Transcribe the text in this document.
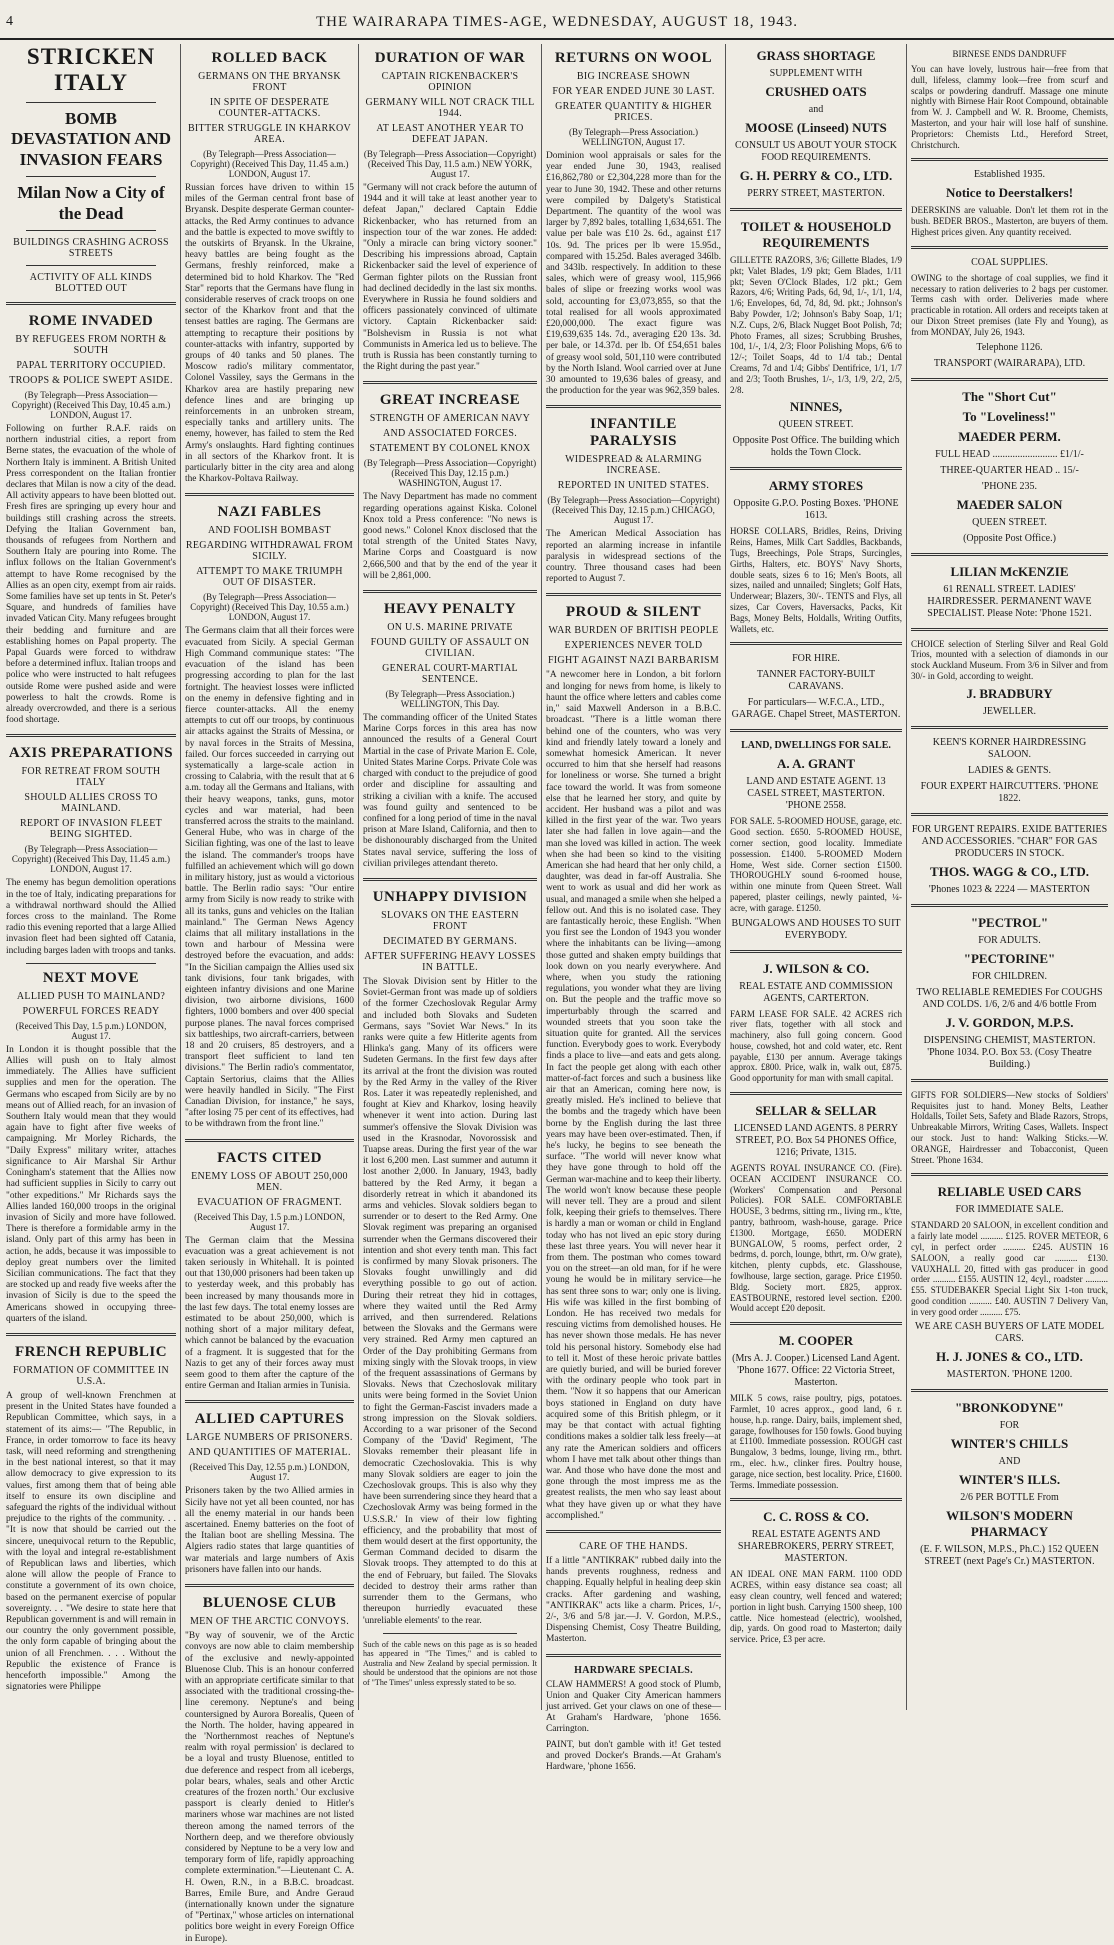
4	THE WAIRARAPA TIMES-AGE, WEDNESDAY, AUGUST 18, 1943.
STRICKEN ITALY
BOMB DEVASTATION AND INVASION FEARS
Milan Now a City of the Dead
BUILDINGS CRASHING ACROSS STREETS
ACTIVITY OF ALL KINDS BLOTTED OUT
ROME INVADED
BY REFUGEES FROM NORTH & SOUTH
PAPAL TERRITORY OCCUPIED.
TROOPS & POLICE SWEPT ASIDE.
(By Telegraph—Press Association—Copyright) (Received This Day, 10.45 a.m.) LONDON, August 17.
Following on further R.A.F. raids on northern industrial cities, a report from Berne states, the evacuation of the whole of Northern Italy is imminent. A British United Press correspondent on the Italian frontier declares that Milan is now a city of the dead. All activity appears to have been blotted out. Fresh fires are springing up every hour and buildings still crashing across the streets. Defying the Italian Government ban, thousands of refugees from Northern and Southern Italy are pouring into Rome. The influx follows on the Italian Government's attempt to have Rome recognised by the Allies as an open city, exempt from air raids. Some families have set up tents in St. Peter's Square, and hundreds of families have invaded Vatican City. Many refugees brought their bedding and furniture and are establishing homes on Papal property. The Papal Guards were forced to withdraw before a determined influx. Italian troops and police who were instructed to halt refugees outside Rome were pushed aside and were powerless to halt the crowds. Rome is already overcrowded, and there is a serious food shortage.
AXIS PREPARATIONS
FOR RETREAT FROM SOUTH ITALY
SHOULD ALLIES CROSS TO MAINLAND.
REPORT OF INVASION FLEET BEING SIGHTED.
(By Telegraph—Press Association—Copyright) (Received This Day, 11.45 a.m.) LONDON, August 17.
The enemy has begun demolition operations in the toe of Italy, indicating preparations for a withdrawal northward should the Allied forces cross to the mainland. The Rome radio this evening reported that a large Allied invasion fleet had been sighted off Catania, including barges laden with troops and tanks.
NEXT MOVE
ALLIED PUSH TO MAINLAND?
POWERFUL FORCES READY
(Received This Day, 1.5 p.m.) LONDON, August 17.
In London it is thought possible that the Allies will push on to Italy almost immediately. The Allies have sufficient supplies and men for the operation. The Germans who escaped from Sicily are by no means out of Allied reach, for an invasion of Southern Italy would mean that they would again have to fight after five weeks of campaigning. Mr Morley Richards, the "Daily Express" military writer, attaches significance to Air Marshal Sir Arthur Coningham's statement that the Allies now had sufficient supplies in Sicily to carry out "other expeditions." Mr Richards says the Allies landed 160,000 troops in the original invasion of Sicily and more have followed. There is therefore a formidable army in the island. Only part of this army has been in action, he adds, because it was impossible to deploy great numbers over the limited Sicilian communications. The fact that they are stocked up and ready five weeks after the invasion of Sicily is due to the speed the Americans showed in occupying three-quarters of the island.
FRENCH REPUBLIC
FORMATION OF COMMITTEE IN U.S.A.
A group of well-known Frenchmen at present in the United States have founded a Republican Committee, which says, in a statement of its aims:— "The Republic, in France, in order tomorrow to face its heavy task, will need reforming and strengthening in the best national interest, so that it may allow democracy to give expression to its values, first among them that of being able itself to ensure its own discipline and safeguard the rights of the individual without prejudice to the rights of the community. . . "It is now that should be carried out the sincere, unequivocal return to the Republic, with the loyal and integral re-establishment of Republican laws and liberties, which alone will allow the people of France to constitute a government of its own choice, based on the permanent exercise of popular sovereignty. . . "We desire to state here that Republican government is and will remain in our country the only government possible, the only form capable of bringing about the union of all Frenchmen. . . . Without the Republic the existence of France is henceforth impossible." Among the signatories were Philippe
ROLLED BACK
GERMANS ON THE BRYANSK FRONT
IN SPITE OF DESPERATE COUNTER-ATTACKS.
BITTER STRUGGLE IN KHARKOV AREA.
(By Telegraph—Press Association—Copyright) (Received This Day, 11.45 a.m.) LONDON, August 17.
Russian forces have driven to within 15 miles of the German central front base of Bryansk. Despite desperate German counter-attacks, the Red Army continues to advance and the battle is expected to move swiftly to the outskirts of Bryansk. In the Ukraine, heavy battles are being fought as the Germans, freshly reinforced, make a determined bid to hold Kharkov. The "Red Star" reports that the Germans have flung in considerable reserves of crack troops on one sector of the Kharkov front and that the tensest battles are raging. The Germans are attempting to recapture their positions by counter-attacks with infantry, supported by groups of 40 tanks and 50 planes. The Moscow radio's military commentator, Colonel Vassiley, says the Germans in the Kharkov area are hastily preparing new defence lines and are bringing up reinforcements in an unbroken stream, especially tanks and artillery units. The enemy, however, has failed to stem the Red Army's onslaughts. Hard fighting continues in all sectors of the Kharkov front. It is particularly bitter in the city area and along the Kharkov-Poltava Railway.
NAZI FABLES
AND FOOLISH BOMBAST
REGARDING WITHDRAWAL FROM SICILY.
ATTEMPT TO MAKE TRIUMPH OUT OF DISASTER.
(By Telegraph—Press Association—Copyright) (Received This Day, 10.55 a.m.) LONDON, August 17.
The Germans claim that all their forces were evacuated from Sicily. A special German High Command communique states: "The evacuation of the island has been progressing according to plan for the last fortnight. The heaviest losses were inflicted on the enemy in defensive fighting and in fierce counter-attacks. All the enemy attempts to cut off our troops, by continuous air attacks against the Straits of Messina, or by naval forces in the Straits of Messina, failed. Our forces succeeded in carrying out systematically a large-scale action in crossing to Calabria, with the result that at 6 a.m. today all the Germans and Italians, with their heavy weapons, tanks, guns, motor cycles and war material, had been transferred across the straits to the mainland. General Hube, who was in charge of the Sicilian fighting, was one of the last to leave the island. The commander's troops have fulfilled an achievement which will go down in military history, just as would a victorious battle. The Berlin radio says: "Our entire army from Sicily is now ready to strike with all its tanks, guns and vehicles on the Italian mainland." The German News Agency claims that all military installations in the town and harbour of Messina were destroyed before the evacuation, and adds: "In the Sicilian campaign the Allies used six tank divisions, four tank brigades, with eighteen infantry divisions and one Marine division, two airborne divisions, 1600 fighters, 1000 bombers and over 400 special purpose planes. The naval forces comprised six battleships, two aircraft-carriers, between 18 and 20 cruisers, 85 destroyers, and a transport fleet sufficient to land ten divisions." The Berlin radio's commentator, Captain Sertorius, claims that the Allies were heavily handled in Sicily. "The First Canadian Division, for instance," he says, "after losing 75 per cent of its effectives, had to be withdrawn from the front line."
FACTS CITED
ENEMY LOSS OF ABOUT 250,000 MEN.
EVACUATION OF FRAGMENT.
(Received This Day, 1.5 p.m.) LONDON, August 17.
The German claim that the Messina evacuation was a great achievement is not taken seriously in Whitehall. It is pointed out that 130,000 prisoners had been taken up to yesterday week, and this probably has been increased by many thousands more in the last few days. The total enemy losses are estimated to be about 250,000, which is nothing short of a major military defeat, which cannot be balanced by the evacuation of a fragment. It is suggested that for the Nazis to get any of their forces away must seem good to them after the capture of the entire German and Italian armies in Tunisia.
ALLIED CAPTURES
LARGE NUMBERS OF PRISONERS.
AND QUANTITIES OF MATERIAL.
(Received This Day, 12.55 p.m.) LONDON, August 17.
Prisoners taken by the two Allied armies in Sicily have not yet all been counted, nor has all the enemy material in our hands been ascertained. Enemy batteries on the foot of the Italian boot are shelling Messina. The Algiers radio states that large quantities of war materials and large numbers of Axis prisoners have fallen into our hands.
BLUENOSE CLUB
MEN OF THE ARCTIC CONVOYS.
"By way of souvenir, we of the Arctic convoys are now able to claim membership of the exclusive and newly-appointed Bluenose Club. This is an honour conferred with an appropriate certificate similar to that associated with the traditional crossing-the-line ceremony. Neptune's and being countersigned by Aurora Borealis, Queen of the North. The holder, having appeared in the 'Northernmost reaches of Neptune's realm with royal permission' is declared to be a loyal and trusty Bluenose, entitled to due deference and respect from all icebergs, polar bears, whales, seals and other Arctic creatures of the frozen north.' Our exclusive passport is clearly denied to Hitler's mariners whose war machines are not listed thereon among the named terrors of the Northern deep, and we therefore obviously considered by Neptune to be a very low and temporary form of life, rapidly approaching complete extermination."—Lieutenant C. A. H. Owen, R.N., in a B.B.C. broadcast. Barres, Emile Bure, and Andre Geraud (internationally known under the signature of "Pertinax," whose articles on international politics bore weight in every Foreign Office in Europe).
DURATION OF WAR
CAPTAIN RICKENBACKER'S OPINION
GERMANY WILL NOT CRACK TILL 1944.
AT LEAST ANOTHER YEAR TO DEFEAT JAPAN.
(By Telegraph—Press Association—Copyright) (Received This Day, 11.5 a.m.) NEW YORK, August 17.
"Germany will not crack before the autumn of 1944 and it will take at least another year to defeat Japan," declared Captain Eddie Rickenbacker, who has returned from an inspection tour of the war zones. He added: "Only a miracle can bring victory sooner." Describing his impressions abroad, Captain Rickenbacker said the level of experience of German fighter pilots on the Russian front had declined decidedly in the last six months. Everywhere in Russia he found soldiers and officers passionately convinced of ultimate victory. Captain Rickenbacker said: "Bolshevism in Russia is not what Communists in America led us to believe. The truth is Russia has been constantly turning to the Right during the past year."
GREAT INCREASE
STRENGTH OF AMERICAN NAVY
AND ASSOCIATED FORCES.
STATEMENT BY COLONEL KNOX
(By Telegraph—Press Association—Copyright) (Received This Day, 12.15 p.m.) WASHINGTON, August 17.
The Navy Department has made no comment regarding operations against Kiska. Colonel Knox told a Press conference: "No news is good news." Colonel Knox disclosed that the total strength of the United States Navy, Marine Corps and Coastguard is now 2,666,500 and that by the end of the year it will be 2,861,000.
HEAVY PENALTY
ON U.S. MARINE PRIVATE
FOUND GUILTY OF ASSAULT ON CIVILIAN.
GENERAL COURT-MARTIAL SENTENCE.
(By Telegraph—Press Association.) WELLINGTON, This Day.
The commanding officer of the United States Marine Corps forces in this area has now announced the results of a General Court Martial in the case of Private Marion E. Cole, United States Marine Corps. Private Cole was charged with conduct to the prejudice of good order and discipline for assaulting and striking a civilian with a knife. The accused was found guilty and sentenced to be confined for a long period of time in the naval prison at Mare Island, California, and then to be dishonourably discharged from the United States naval service, suffering the loss of civilian privileges attendant thereto.
UNHAPPY DIVISION
SLOVAKS ON THE EASTERN FRONT
DECIMATED BY GERMANS.
AFTER SUFFERING HEAVY LOSSES IN BATTLE.
The Slovak Division sent by Hitler to the Soviet-German front was made up of soldiers of the former Czechoslovak Regular Army and included both Slovaks and Sudeten Germans, says "Soviet War News." In its ranks were quite a few Hitlerite agents from Hlinka's gang. Many of its officers were Sudeten Germans. In the first few days after its arrival at the front the division was routed by the Red Army in the valley of the River Ros. Later it was repeatedly replenished, and fought at Kiev and Kharkov, losing heavily whenever it went into action. During last summer's offensive the Slovak Division was used in the Krasnodar, Novorossisk and Tuapse areas. During the first year of the war it lost 6,200 men. Last summer and autumn it lost another 2,000. In January, 1943, badly battered by the Red Army, it began a disorderly retreat in which it abandoned its arms and vehicles. Slovak soldiers began to surrender or to desert to the Red Army. One Slovak regiment was preparing an organised surrender when the Germans discovered their intention and shot every tenth man. This fact is confirmed by many Slovak prisoners. The Slovaks fought unwillingly and did everything possible to go out of action. During their retreat they hid in cottages, where they waited until the Red Army arrived, and then surrendered. Relations between the Slovaks and the Germans were very strained. Red Army men captured an Order of the Day prohibiting Germans from mixing singly with the Slovak troops, in view of the frequent assassinations of Germans by Slovaks. News that Czechoslovak military units were being formed in the Soviet Union to fight the German-Fascist invaders made a strong impression on the Slovak soldiers. According to a war prisoner of the Second Company of the 'David' Regiment, 'The Slovaks remember their pleasant life in democratic Czechoslovakia. This is why many Slovak soldiers are eager to join the Czechoslovak groups. This is also why they have been surrendering since they heard that a Czechoslovak Army was being formed in the U.S.S.R.' In view of their low fighting efficiency, and the probability that most of them would desert at the first opportunity, the German Command decided to disarm the Slovak troops. They attempted to do this at the end of February, but failed. The Slovaks decided to destroy their arms rather than surrender them to the Germans, who thereupon hurriedly evacuated these 'unreliable elements' to the rear.
Such of the cable news on this page as is so headed has appeared in "The Times," and is cabled to Australia and New Zealand by special permission. It should be understood that the opinions are not those of "The Times" unless expressly stated to be so.
RETURNS ON WOOL
BIG INCREASE SHOWN
FOR YEAR ENDED JUNE 30 LAST.
GREATER QUANTITY & HIGHER PRICES.
(By Telegraph—Press Association.) WELLINGTON, August 17.
Dominion wool appraisals or sales for the year ended June 30, 1943, realised £16,862,780 or £2,304,228 more than for the year to June 30, 1942. These and other returns were compiled by Dalgety's Statistical Department. The quantity of the wool was larger by 7,892 bales, totalling 1,634,651. The value per bale was £10 2s. 6d., against £17 10s. 9d. The prices per lb were 15.95d., compared with 15.25d. Bales averaged 346lb. and 343lb. respectively. In addition to these sales, which were of greasy wool, 115,966 bales of slipe or freezing works wool was sold, accounting for £3,073,855, so that the total realised for all wools approximated £20,000,000. The exact figure was £19,639,635 14s. 7d., averaging £20 13s. 3d. per bale, or 14.37d. per lb. Of £54,651 bales of greasy wool sold, 501,110 were contributed by the North Island. Wool carried over at June 30 amounted to 19,636 bales of greasy, and the production for the year was 962,359 bales.
INFANTILE PARALYSIS
WIDESPREAD & ALARMING INCREASE.
REPORTED IN UNITED STATES.
(By Telegraph—Press Association—Copyright) (Received This Day, 12.15 p.m.) CHICAGO, August 17.
The American Medical Association has reported an alarming increase in infantile paralysis in widespread sections of the country. Three thousand cases had been reported to August 7.
PROUD & SILENT
WAR BURDEN OF BRITISH PEOPLE
EXPERIENCES NEVER TOLD
FIGHT AGAINST NAZI BARBARISM
"A newcomer here in London, a bit forlorn and longing for news from home, is likely to haunt the office where letters and cables come in," said Maxwell Anderson in a B.B.C. broadcast. "There is a little woman there behind one of the counters, who was very kind and friendly lately toward a lonely and somewhat homesick American. It never occurred to him that she herself had reasons for loneliness or worse. She turned a bright face toward the world. It was from someone else that he learned her story, and quite by accident. Her husband was a pilot and was killed in the first year of the war. Two years later she had fallen in love again—and the man she loved was killed in action. The week when she had been so kind to the visiting American she had heard that her only child, a daughter, was dead in far-off Australia. She went to work as usual and did her work as usual, and managed a smile when she helped a fellow out. And this is no isolated case. They are fantastically heroic, these English. "When you first see the London of 1943 you wonder where the inhabitants can be living—among those gutted and shaken empty buildings that look down on you nearly everywhere. And where, when you study the rationing regulations, you wonder what they are living on. But the people and the traffic move so imperturbably through the scarred and wounded streets that you soon take the situation quite for granted. All the services function. Everybody goes to work. Everybody finds a place to live—and eats and gets along. In fact the people get along with each other matter-of-fact forces and such a business like air that an American, coming here now, is greatly misled. He's inclined to believe that the bombs and the tragedy which have been borne by the English during the last three years may have been over-estimated. Then, if he's lucky, he begins to see beneath the surface. "The world will never know what they have gone through to hold off the German war-machine and to keep their liberty. The world won't know because these people will never tell. They are a proud and silent folk, keeping their griefs to themselves. There is hardly a man or woman or child in England today who has not lived an epic story during these last three years. You will never hear it from them. The postman who comes toward you on the street—an old man, for if he were young he would be in military service—he has sent three sons to war; only one is living. His wife was killed in the first bombing of London. He has received two medals for rescuing victims from demolished houses. He has never shown those medals. He has never told his personal history. Somebody else had to tell it. Most of these heroic private battles are quietly buried, and will be buried forever with the ordinary people who took part in them. "Now it so happens that our American boys stationed in England on duty have acquired some of this British phlegm, or it may be that contact with actual fighting conditions makes a soldier talk less freely—at any rate the American soldiers and officers whom I have met talk about other things than war. And those who have done the most and gone through the most impress me as the greatest realists, the men who say least about what they have given up or what they have accomplished."
CARE OF THE HANDS.
If a little "ANTIKRAK" rubbed daily into the hands prevents roughness, redness and chapping. Equally helpful in healing deep skin cracks. After gardening and washing, "ANTIKRAK" acts like a charm. Prices, 1/-, 2/-, 3/6 and 5/8 jar.—J. V. Gordon, M.P.S., Dispensing Chemist, Cosy Theatre Building, Masterton.
HARDWARE SPECIALS.
CLAW HAMMERS! A good stock of Plumb, Union and Quaker City American hammers just arrived. Get your claws on one of these—At Graham's Hardware, 'phone 1656. Carrington.
PAINT, but don't gamble with it! Get tested and proved Docker's Brands.—At Graham's Hardware, 'phone 1656.
GRASS SHORTAGE
SUPPLEMENT WITH
CRUSHED OATS
and
MOOSE (Linseed) NUTS
CONSULT US ABOUT YOUR STOCK FOOD REQUIREMENTS.
G. H. PERRY & CO., LTD.
PERRY STREET, MASTERTON.
TOILET & HOUSEHOLD REQUIREMENTS
GILLETTE RAZORS, 3/6; Gillette Blades, 1/9 pkt; Valet Blades, 1/9 pkt; Gem Blades, 1/11 pkt; Seven O'Clock Blades, 1/2 pkt.; Gem Razors, 4/6; Writing Pads, 6d, 9d, 1/-, 1/1, 1/4, 1/6; Envelopes, 6d, 7d, 8d, 9d. pkt.; Johnson's Baby Powder, 1/2; Johnson's Baby Soap, 1/1; N.Z. Cups, 2/6, Black Nugget Boot Polish, 7d; Photo Frames, all sizes; Scrubbing Brushes, 10d, 1/-, 1/4, 2/3; Floor Polishing Mops, 6/6 to 12/-; Toilet Soaps, 4d to 1/4 tab.; Dental Creams, 7d and 1/4; Gibbs' Dentifrice, 1/1, 1/7 and 2/3; Tooth Brushes, 1/-, 1/3, 1/9, 2/2, 2/5, 2/8.
NINNES,
QUEEN STREET.
Opposite Post Office. The building which holds the Town Clock.
ARMY STORES
Opposite G.P.O. Posting Boxes. 'PHONE 1613.
HORSE COLLARS, Bridles, Reins, Driving Reins, Hames, Milk Cart Saddles, Backbands, Tugs, Breechings, Pole Straps, Surcingles, Girths, Halters, etc. BOYS' Navy Shorts, double seats, sizes 6 to 16; Men's Boots, all sizes, nailed and unnailed; Singlets; Golf Hats, Underwear; Blazers, 30/-. TENTS and Flys, all sizes, Car Covers, Haversacks, Packs, Kit Bags, Money Belts, Holdalls, Writing Outfits, Wallets, etc.
FOR HIRE.
TANNER FACTORY-BUILT CARAVANS.
For particulars— W.F.C.A., LTD., GARAGE. Chapel Street, MASTERTON.
LAND, DWELLINGS FOR SALE.
A. A. GRANT
LAND AND ESTATE AGENT. 13 CASEL STREET, MASTERTON. 'PHONE 2558.
FOR SALE. 5-ROOMED HOUSE, garage, etc. Good section. £650. 5-ROOMED HOUSE, corner section, good locality. Immediate possession. £1400. 5-ROOMED Modern Home, West side. Corner section £1500. THOROUGHLY sound 6-roomed house, within one minute from Queen Street. Wall papered, plaster ceilings, newly painted, ¼-acre, with garage. £1250.
BUNGALOWS AND HOUSES TO SUIT EVERYBODY.
J. WILSON & CO.
REAL ESTATE AND COMMISSION AGENTS, CARTERTON.
FARM LEASE FOR SALE. 42 ACRES rich river flats, together with all stock and machinery, also full going concern. Good house, cowshed, hot and cold water, etc. Rent payable, £130 per annum. Average takings approx. £800. Price, walk in, walk out, £875. Good opportunity for man with small capital.
SELLAR & SELLAR
LICENSED LAND AGENTS. 8 PERRY STREET, P.O. Box 54 PHONES Office, 1216; Private, 1315.
AGENTS ROYAL INSURANCE CO. (Fire). OCEAN ACCIDENT INSURANCE CO. (Workers' Compensation and Personal Policies). FOR SALE. COMFORTABLE HOUSE, 3 bedrms, sitting rm., living rm., k'tte, pantry, bathroom, wash-house, garage. Price £1300. Mortgage, £650. MODERN BUNGALOW, 5 rooms, perfect order, 2 bedrms, d. porch, lounge, bthrt, rm. O/w grate), kitchen, plenty cupbds, etc. Glasshouse, fowlhouse, large section, garage. Price £1950. Bldg. Society mort. £825, approx. EASTBOURNE, restored level section. £200. Would accept £20 deposit.
M. COOPER
(Mrs A. J. Cooper.) Licensed Land Agent. 'Phone 1677. Office: 22 Victoria Street, Masterton.
MILK 5 cows, raise poultry, pigs, potatoes. Farmlet, 10 acres approx., good land, 6 r. house, h.p. range. Dairy, bails, implement shed, garage, fowlhouses for 150 fowls. Good buying at £1100. Immediate possession. ROUGH cast Bungalow, 3 bedms, lounge, living rm., bthrt. rm., elec. h.w., clinker fires. Poultry house, garage, nice section, best locality. Price, £1600. Terms. Immediate possession.
C. C. ROSS & CO.
REAL ESTATE AGENTS AND SHAREBROKERS, PERRY STREET, MASTERTON.
AN IDEAL ONE MAN FARM. 1100 ODD ACRES, within easy distance sea coast; all easy clean country, well fenced and watered; portion in light bush. Carrying 1500 sheep, 100 cattle. Nice homestead (electric), woolshed, dip, yards. On good road to Masterton; daily service. Price, £3 per acre.
BIRNESE ENDS DANDRUFF
You can have lovely, lustrous hair—free from that dull, lifeless, clammy look—free from scurf and scalps or powdering dandruff. Massage one minute nightly with Birnese Hair Root Compound, obtainable from W. J. Campbell and W. R. Broome, Chemists, Masterton, and your hair will lose half of sunshine. Proprietors: Chemists Ltd., Hereford Street, Christchurch.
Established 1935.
Notice to Deerstalkers!
DEERSKINS are valuable. Don't let them rot in the bush. BEDER BROS., Masterton, are buyers of them. Highest prices given. Any quantity received.
COAL SUPPLIES.
OWING to the shortage of coal supplies, we find it necessary to ration deliveries to 2 bags per customer. Terms cash with order. Deliveries made where practicable in rotation. All orders and receipts taken at our Dixon Street premises (late Fly and Young), as from MONDAY, July 26, 1943.
Telephone 1126.
TRANSPORT (WAIRARAPA), LTD.
The "Short Cut"
To "Loveliness!"
MAEDER PERM.
FULL HEAD .......................... £1/1/-
THREE-QUARTER HEAD .. 15/-
'PHONE 235.
MAEDER SALON
QUEEN STREET.
(Opposite Post Office.)
LILIAN McKENZIE
61 RENALL STREET. LADIES' HAIRDRESSER. PERMANENT WAVE SPECIALIST. Please Note: 'Phone 1521.
CHOICE selection of Sterling Silver and Real Gold Trios, mounted with a selection of diamonds in our stock Auckland Museum. From 3/6 in Silver and from 30/- in Gold, according to weight.
J. BRADBURY
JEWELLER.
KEEN'S KORNER HAIRDRESSING SALOON.
LADIES & GENTS.
FOUR EXPERT HAIRCUTTERS. 'PHONE 1822.
FOR URGENT REPAIRS. EXIDE BATTERIES AND ACCESSORIES. "CHAR" FOR GAS PRODUCERS IN STOCK.
THOS. WAGG & CO., LTD.
'Phones 1023 & 2224 — MASTERTON
"PECTROL"
FOR ADULTS.
"PECTORINE"
FOR CHILDREN.
TWO RELIABLE REMEDIES For COUGHS AND COLDS. 1/6, 2/6 and 4/6 bottle From
J. V. GORDON, M.P.S.
DISPENSING CHEMIST, MASTERTON. 'Phone 1034. P.O. Box 53. (Cosy Theatre Building.)
GIFTS FOR SOLDIERS—New stocks of Soldiers' Requisites just to hand. Money Belts, Leather Holdalls, Toilet Sets, Safety and Blade Razors, Strops, Unbreakable Mirrors, Writing Cases, Wallets. Inspect our stock. Just to hand: Walking Sticks.—W. ORANGE, Hairdresser and Tobacconist, Queen Street. 'Phone 1634.
RELIABLE USED CARS
FOR IMMEDIATE SALE.
STANDARD 20 SALOON, in excellent condition and a fairly late model .......... £125. ROVER METEOR, 6 cyl, in perfect order .......... £245. AUSTIN 16 SALOON, a really good car .......... £130. VAUXHALL 20, fitted with gas producer in good order .......... £155. AUSTIN 12, 4cyl., roadster .......... £55. STUDEBAKER Special Light Six 1-ton truck, good condition .......... £40. AUSTIN 7 Delivery Van, in very good order .......... £75.
WE ARE CASH BUYERS OF LATE MODEL CARS.
H. J. JONES & CO., LTD.
MASTERTON. 'PHONE 1200.
"BRONKODYNE"
FOR
WINTER'S CHILLS
AND
WINTER'S ILLS.
2/6 PER BOTTLE From
WILSON'S MODERN PHARMACY
(E. F. WILSON, M.P.S., Ph.C.) 152 QUEEN STREET (next Page's Cr.) MASTERTON.
